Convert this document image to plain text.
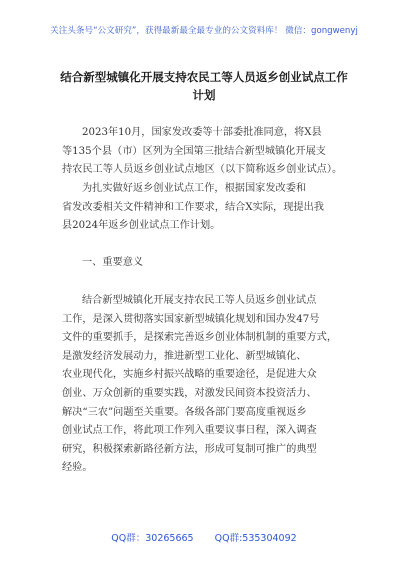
关注头条号“公文研究”，获得最新最全最专业的公文资料库！ 微信：gongwenyj
结合新型城镇化开展支持农民工等人员返乡创业试点工作
计划
2023年10月，国家发改委等十部委批准同意，将X县
等135个县（市）区列为全国第三批结合新型城镇化开展支
持农民工等人员返乡创业试点地区（以下简称返乡创业试点）。
为扎实做好返乡创业试点工作，根据国家发改委和
省发改委相关文件精神和工作要求，结合X实际，现提出我
县2024年返乡创业试点工作计划。
一、重要意义
结合新型城镇化开展支持农民工等人员返乡创业试点
工作，是深入贯彻落实国家新型城镇化规划和国办发47号
文件的重要抓手，是探索完善返乡创业体制机制的重要方式，
是激发经济发展动力，推进新型工业化、新型城镇化、
农业现代化，实施乡村振兴战略的重要途径，是促进大众
创业、万众创新的重要实践，对激发民间资本投资活力、
解决“三农”问题至关重要。各级各部门要高度重视返乡
创业试点工作，将此项工作列入重要议事日程，深入调查
研究，积极探索新路径新方法，形成可复制可推广的典型
经验。
QQ群：30265665 QQ群:535304092
